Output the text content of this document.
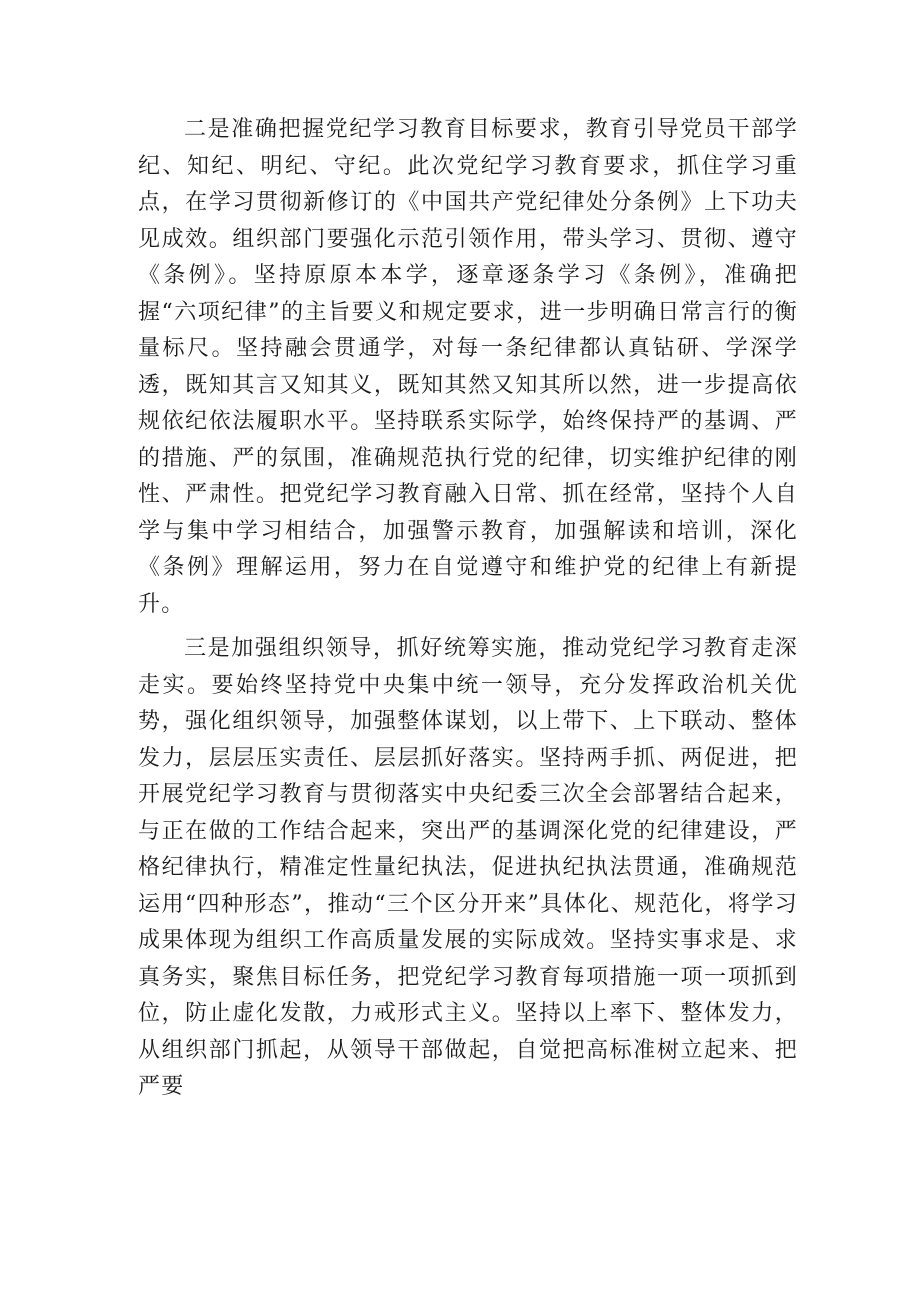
二是准确把握党纪学习教育目标要求，教育引导党员干部学纪、知纪、明纪、守纪。此次党纪学习教育要求，抓住学习重点，在学习贯彻新修订的《中国共产党纪律处分条例》上下功夫见成效。组织部门要强化示范引领作用，带头学习、贯彻、遵守《条例》。坚持原原本本学，逐章逐条学习《条例》，准确把握“六项纪律”的主旨要义和规定要求，进一步明确日常言行的衡量标尺。坚持融会贯通学，对每一条纪律都认真钻研、学深学透，既知其言又知其义，既知其然又知其所以然，进一步提高依规依纪依法履职水平。坚持联系实际学，始终保持严的基调、严的措施、严的氛围，准确规范执行党的纪律，切实维护纪律的刚性、严肃性。把党纪学习教育融入日常、抓在经常，坚持个人自学与集中学习相结合，加强警示教育，加强解读和培训，深化《条例》理解运用，努力在自觉遵守和维护党的纪律上有新提升。

三是加强组织领导，抓好统筹实施，推动党纪学习教育走深走实。要始终坚持党中央集中统一领导，充分发挥政治机关优势，强化组织领导，加强整体谋划，以上带下、上下联动、整体发力，层层压实责任、层层抓好落实。坚持两手抓、两促进，把开展党纪学习教育与贯彻落实中央纪委三次全会部署结合起来，与正在做的工作结合起来，突出严的基调深化党的纪律建设，严格纪律执行，精准定性量纪执法，促进执纪执法贯通，准确规范运用“四种形态”，推动“三个区分开来”具体化、规范化，将学习成果体现为组织工作高质量发展的实际成效。坚持实事求是、求真务实，聚焦目标任务，把党纪学习教育每项措施一项一项抓到位，防止虚化发散，力戒形式主义。坚持以上率下、整体发力，从组织部门抓起，从领导干部做起，自觉把高标准树立起来、把严要
